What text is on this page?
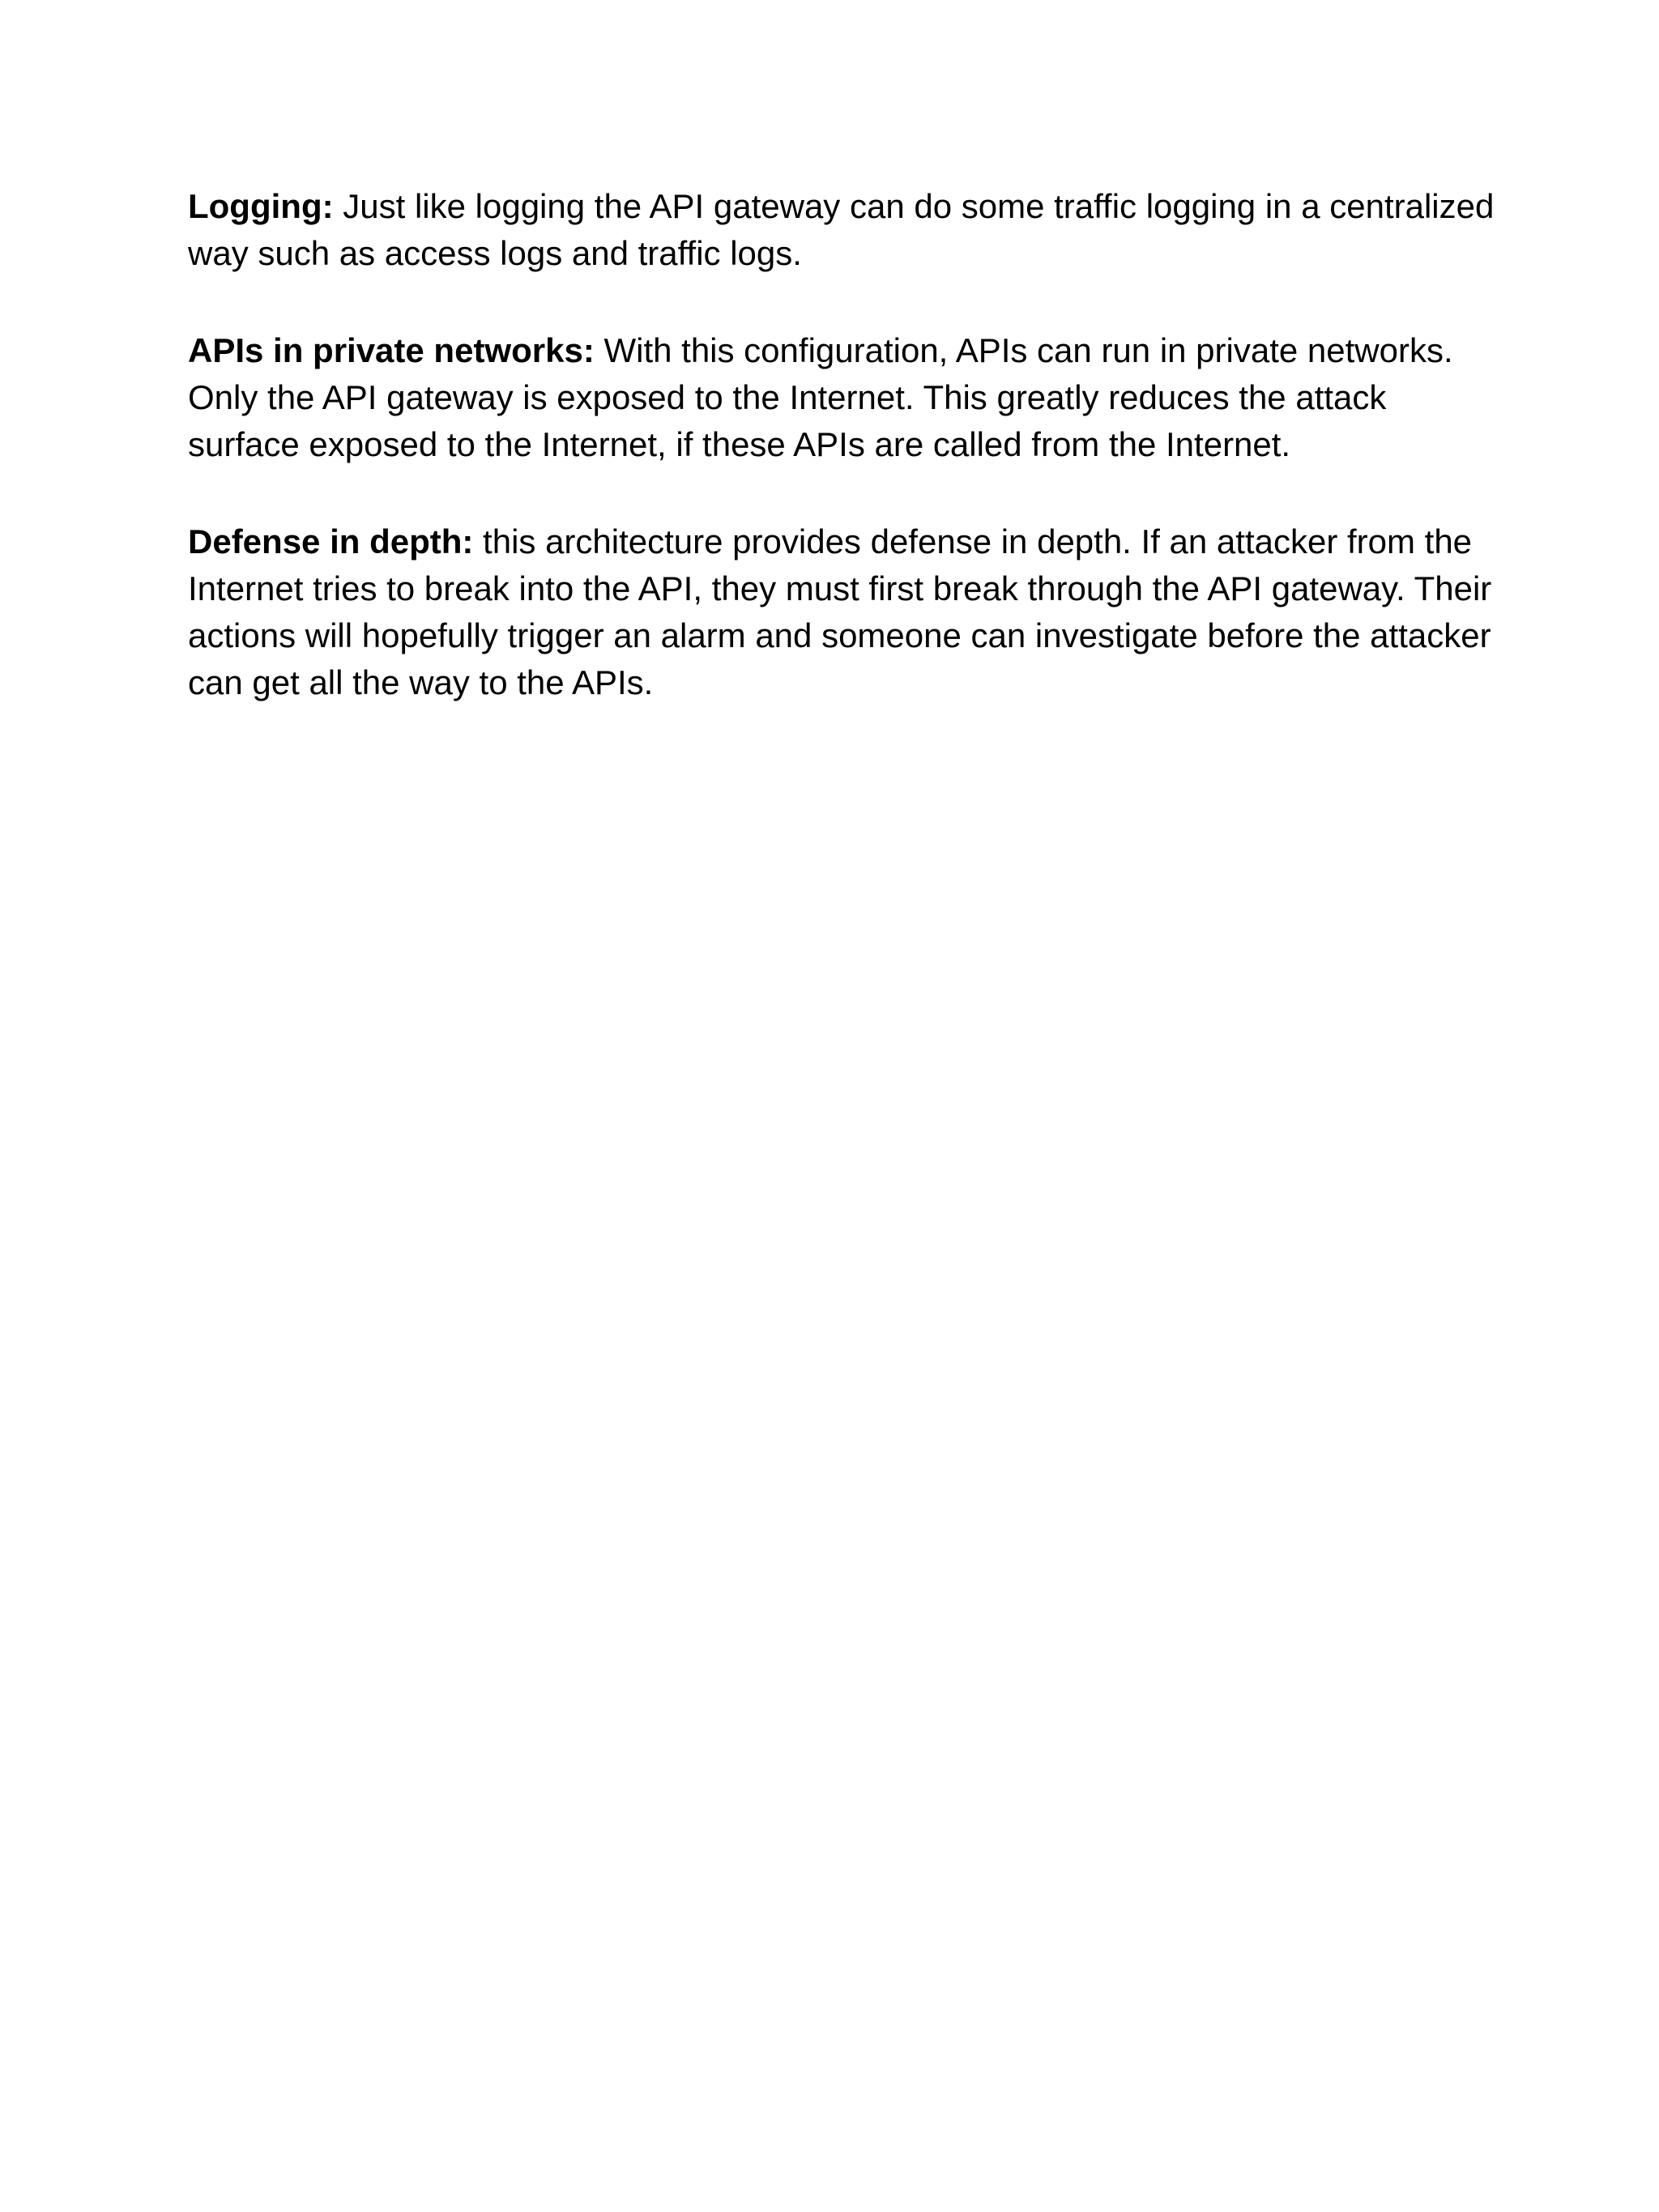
Logging: Just like logging the API gateway can do some traffic logging in a centralized way such as access logs and traffic logs.

APIs in private networks: With this configuration, APIs can run in private networks. Only the API gateway is exposed to the Internet. This greatly reduces the attack surface exposed to the Internet, if these APIs are called from the Internet.

Defense in depth: this architecture provides defense in depth. If an attacker from the Internet tries to break into the API, they must first break through the API gateway. Their actions will hopefully trigger an alarm and someone can investigate before the attacker can get all the way to the APIs.
